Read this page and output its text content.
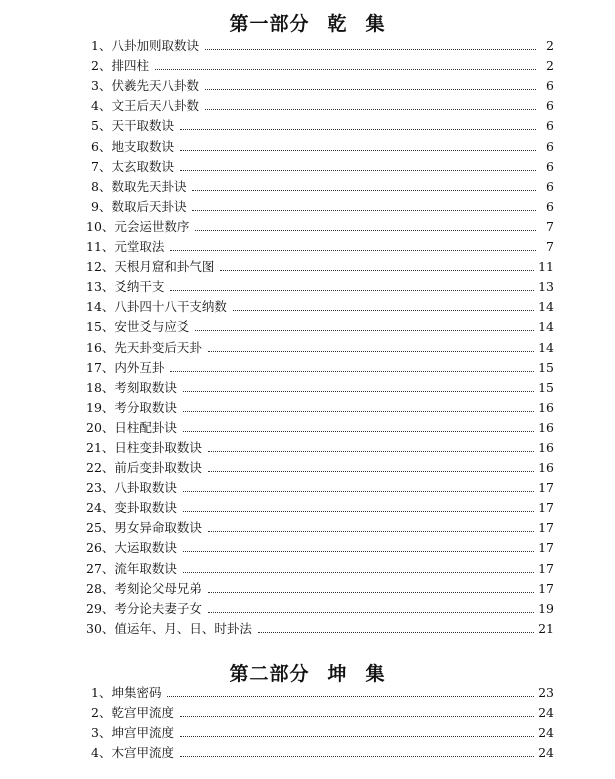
第一部分 乾 集
1 、 八卦加则取数诀	2
2 、 排四柱	2
3 、 伏羲先天八卦数	6
4 、 文王后天八卦数	6
5 、 天干取数诀	6
6 、 地支取数诀	6
7 、 太玄取数诀	6
8 、 数取先天卦诀	6
9 、 数取后天卦诀	6
10 、 元会运世数序	7
11 、 元堂取法	7
12 、 天根月窟和卦气图	11
13 、 爻纳干支	13
14 、 八卦四十八干支纳数	14
15 、 安世爻与应爻	14
16 、 先天卦变后天卦	14
17 、 内外互卦	15
18 、 考刻取数诀	15
19 、 考分取数诀	16
20 、 日柱配卦诀	16
21 、 日柱变卦取数诀	16
22 、 前后变卦取数诀	16
23 、 八卦取数诀	17
24 、 变卦取数诀	17
25 、 男女异命取数诀	17
26 、 大运取数诀	17
27 、 流年取数诀	17
28 、 考刻论父母兄弟	17
29 、 考分论夫妻子女	19
30 、 值运年、月、日、时卦法	21
第二部分 坤 集
1 、 坤集密码	23
2 、 乾宫甲流度	24
3 、 坤宫甲流度	24
4 、 木宫甲流度	24
